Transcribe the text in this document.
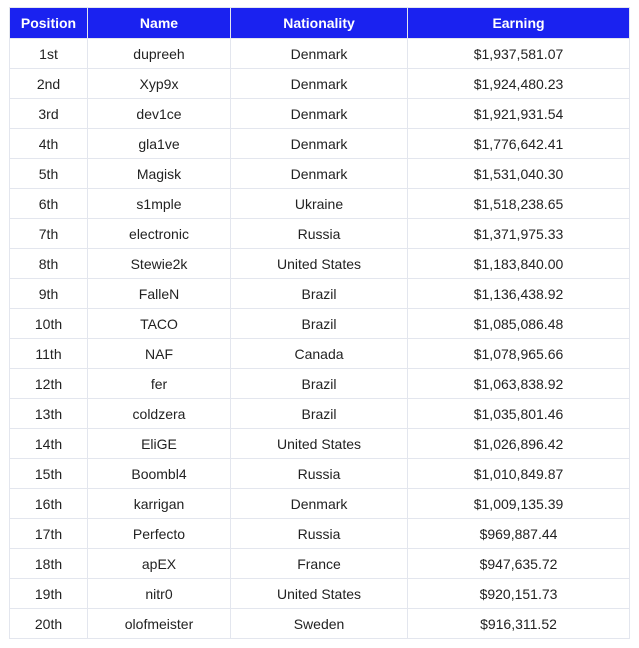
Position	Name	Nationality	Earning
1st	dupreeh	Denmark	$1,937,581.07
2nd	Xyp9x	Denmark	$1,924,480.23
3rd	dev1ce	Denmark	$1,921,931.54
4th	gla1ve	Denmark	$1,776,642.41
5th	Magisk	Denmark	$1,531,040.30
6th	s1mple	Ukraine	$1,518,238.65
7th	electronic	Russia	$1,371,975.33
8th	Stewie2k	United States	$1,183,840.00
9th	FalleN	Brazil	$1,136,438.92
10th	TACO	Brazil	$1,085,086.48
11th	NAF	Canada	$1,078,965.66
12th	fer	Brazil	$1,063,838.92
13th	coldzera	Brazil	$1,035,801.46
14th	EliGE	United States	$1,026,896.42
15th	Boombl4	Russia	$1,010,849.87
16th	karrigan	Denmark	$1,009,135.39
17th	Perfecto	Russia	$969,887.44
18th	apEX	France	$947,635.72
19th	nitr0	United States	$920,151.73
20th	olofmeister	Sweden	$916,311.52
